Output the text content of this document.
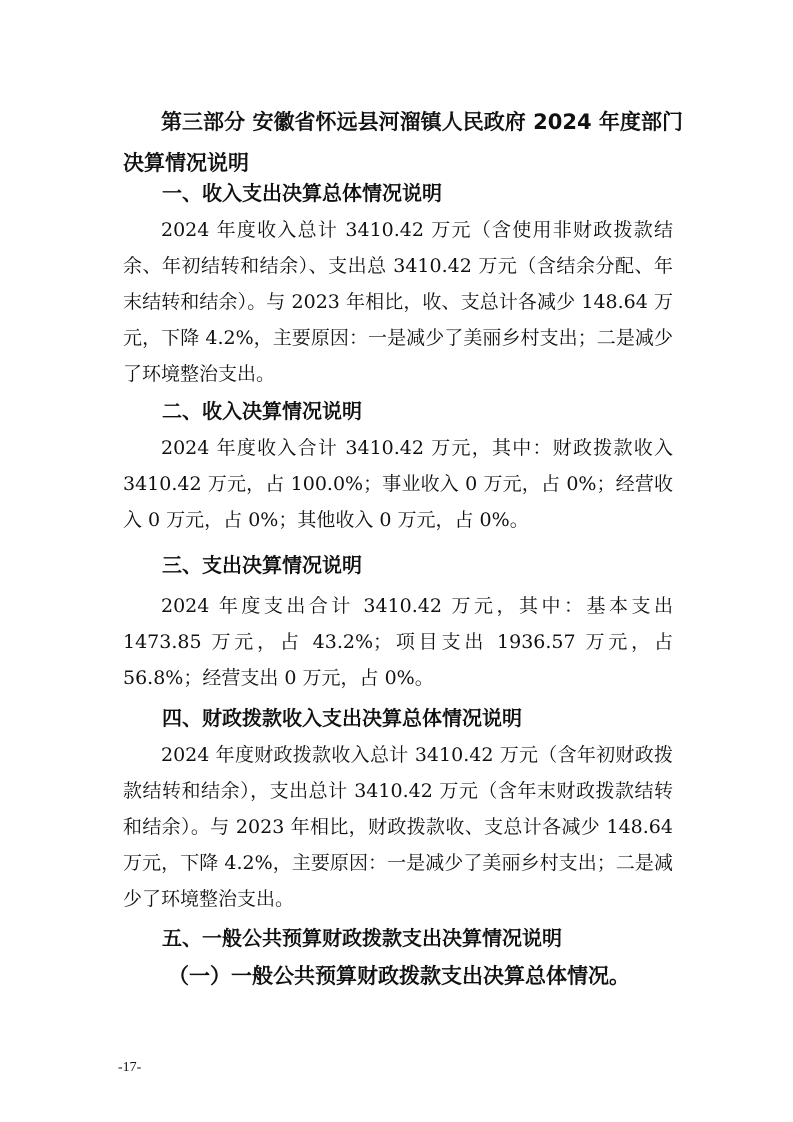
第三部分 安徽省怀远县河溜镇人民政府 2024 年度部门决算情况说明

一、收入支出决算总体情况说明

2024 年度收入总计 3410.42 万元（含使用非财政拨款结余、年初结转和结余）、支出总 3410.42 万元（含结余分配、年末结转和结余）。与 2023 年相比，收、支总计各减少 148.64 万元，下降 4.2%，主要原因：一是减少了美丽乡村支出；二是减少了环境整治支出。

二、收入决算情况说明

2024 年度收入合计 3410.42 万元，其中：财政拨款收入 3410.42 万元，占 100.0%；事业收入 0 万元，占 0%；经营收入 0 万元，占 0%；其他收入 0 万元，占 0%。

三、支出决算情况说明

2024 年度支出合计 3410.42 万元，其中：基本支出 1473.85 万元，占 43.2%；项目支出 1936.57 万元，占 56.8%；经营支出 0 万元，占 0%。

四、财政拨款收入支出决算总体情况说明

2024 年度财政拨款收入总计 3410.42 万元（含年初财政拨款结转和结余），支出总计 3410.42 万元（含年末财政拨款结转和结余）。与 2023 年相比，财政拨款收、支总计各减少 148.64 万元，下降 4.2%，主要原因：一是减少了美丽乡村支出；二是减少了环境整治支出。

五、一般公共预算财政拨款支出决算情况说明

（一）一般公共预算财政拨款支出决算总体情况。

-17-
